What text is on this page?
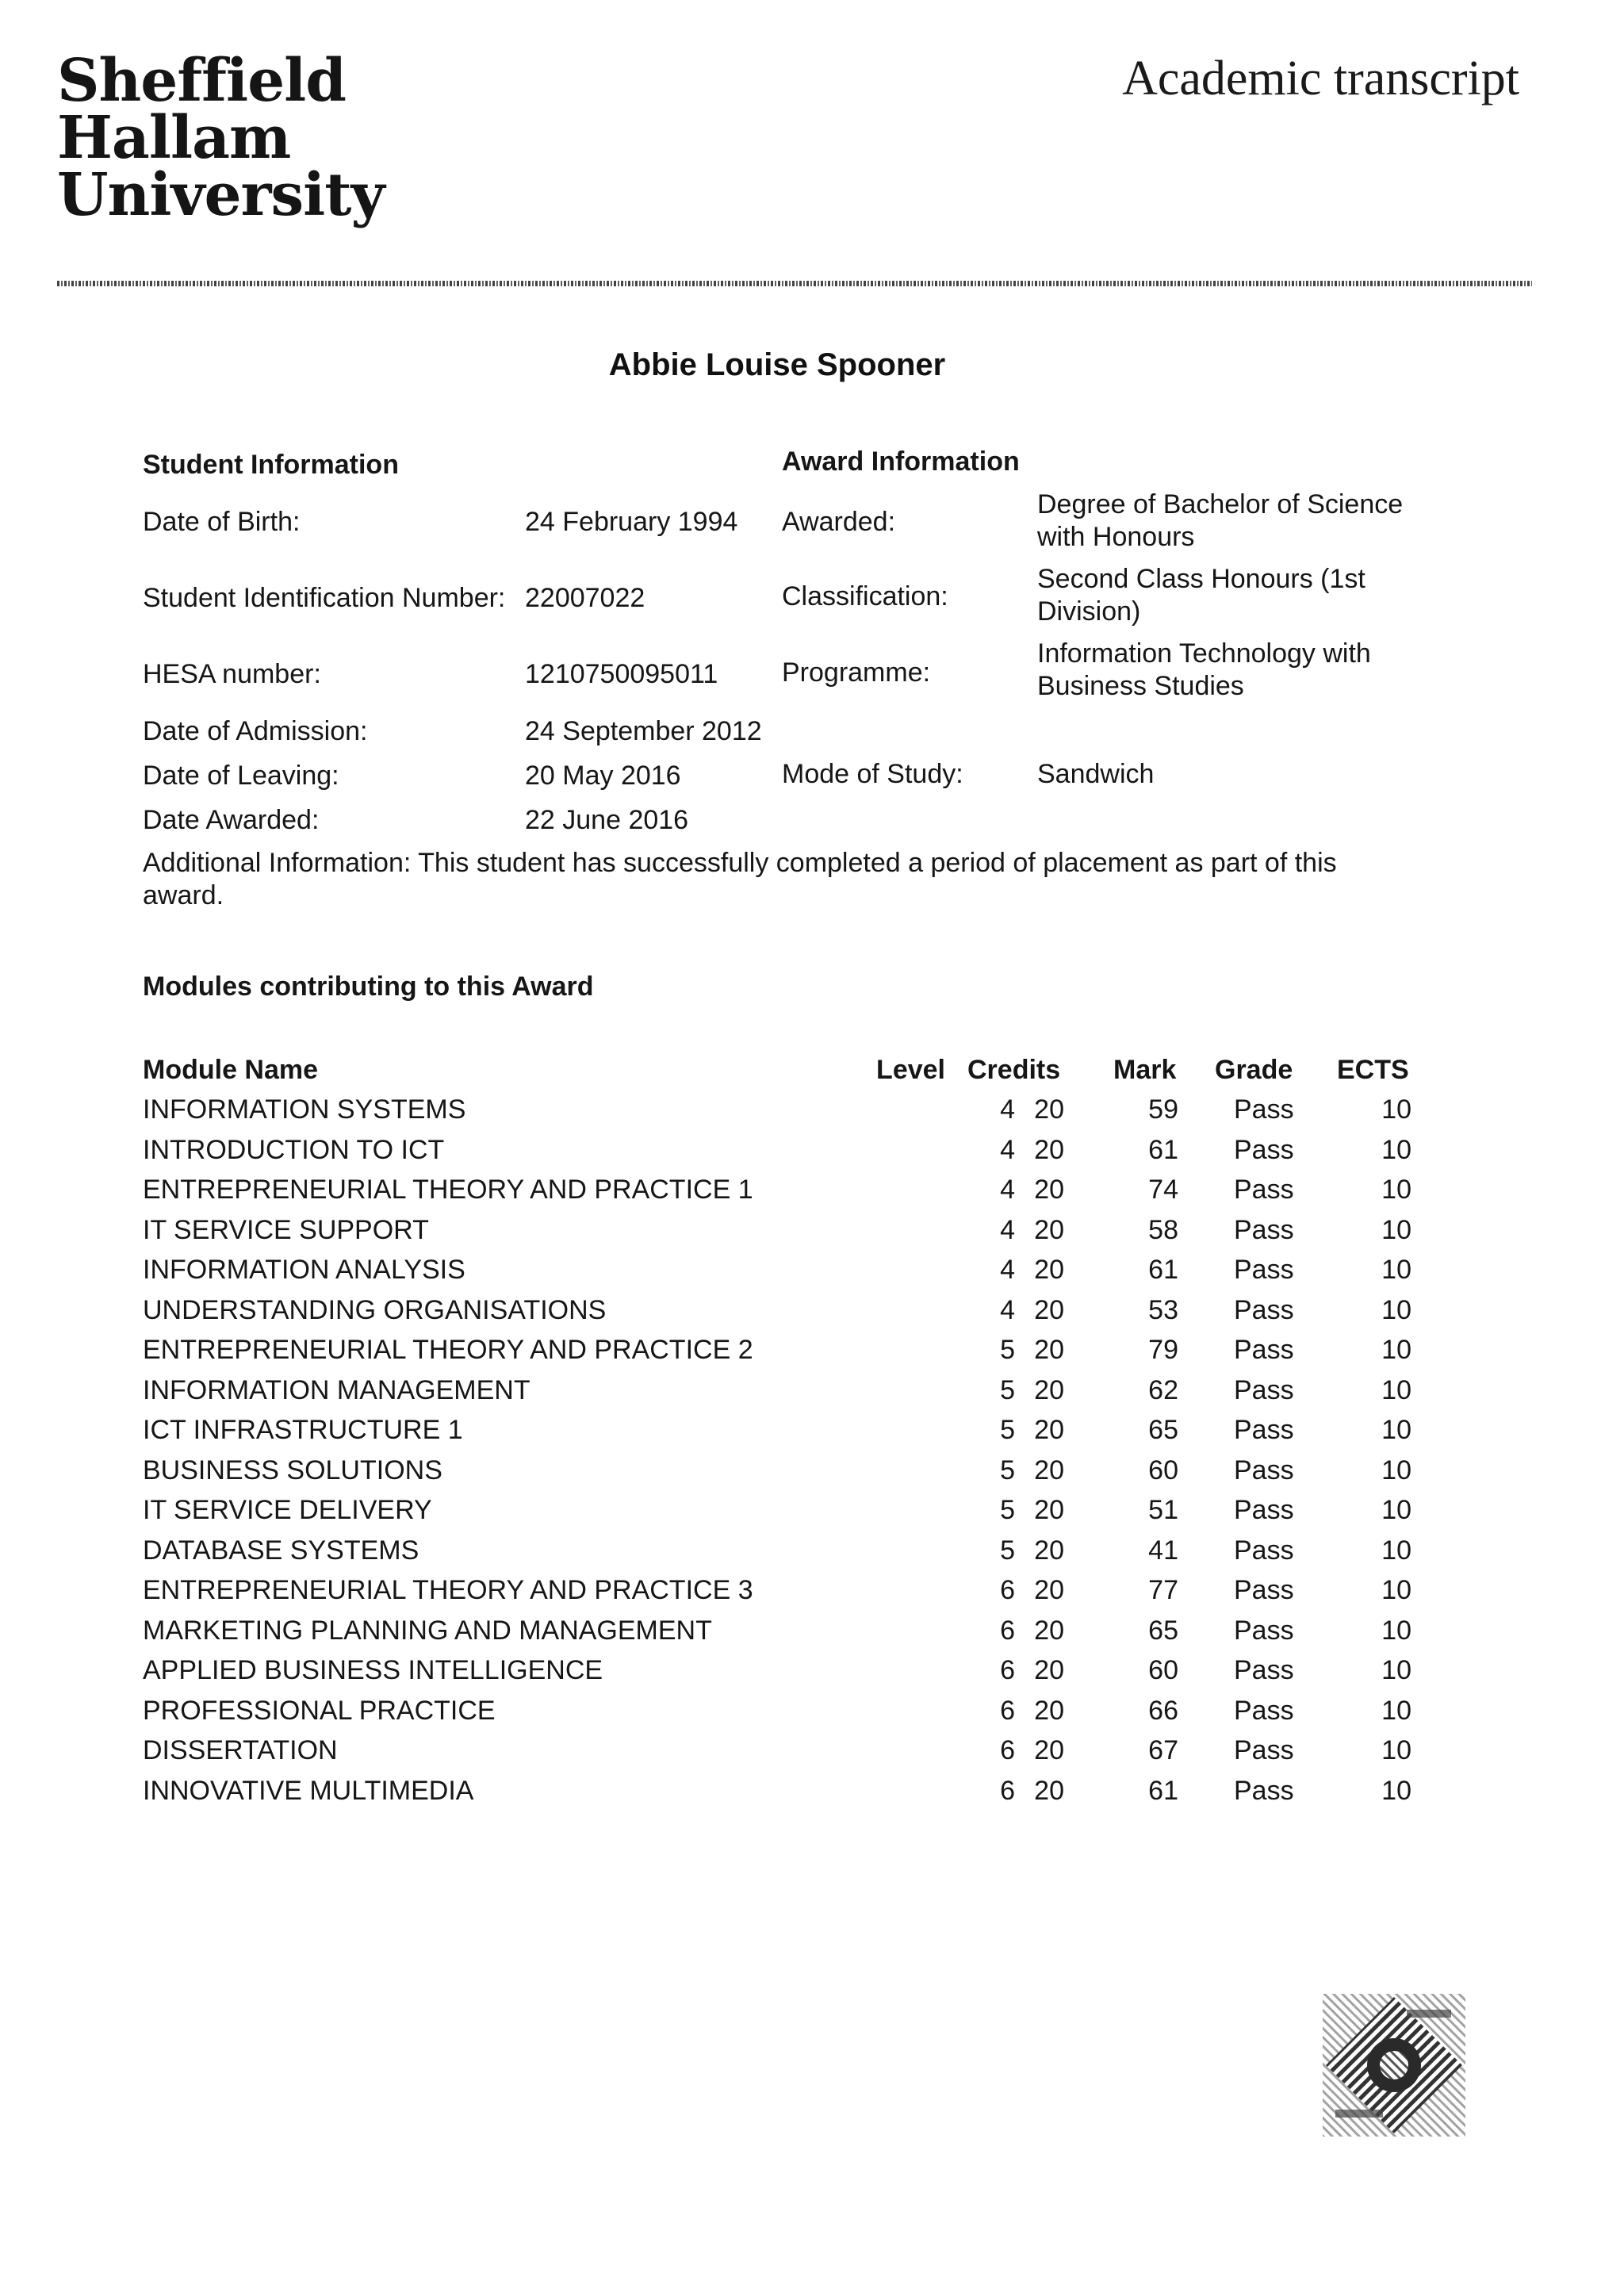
Sheffield
Hallam
University
Academic transcript
Abbie Louise Spooner
Student Information
Date of Birth:	24 February 1994
Student Identification Number: 22007022
HESA number:	1210750095011
Date of Admission:	24 September 2012
Date of Leaving:	20 May 2016
Date Awarded:	22 June 2016
Award Information
Awarded:
Degree of Bachelor of Science
with Honours
Classification:
Second Class Honours (1st
Division)
Programme:
Information Technology with
Business Studies
Mode of Study:	Sandwich
Additional Information: This student has successfully completed a period of placement as part of this award.
Modules contributing to this Award
Module Name	Level Credits Mark Grade ECTS
INFORMATION SYSTEMS	4 20	59 Pass	10
INTRODUCTION TO ICT	4 20	61 Pass	10
ENTREPRENEURIAL THEORY AND PRACTICE 1	4 20	74 Pass	10
IT SERVICE SUPPORT	4 20	58 Pass	10
INFORMATION ANALYSIS	4 20	61 Pass	10
UNDERSTANDING ORGANISATIONS	4 20	53 Pass	10
ENTREPRENEURIAL THEORY AND PRACTICE 2	5 20	79 Pass	10
INFORMATION MANAGEMENT	5 20	62 Pass	10
ICT INFRASTRUCTURE 1	5 20	65 Pass	10
BUSINESS SOLUTIONS	5 20	60 Pass	10
IT SERVICE DELIVERY	5 20	51 Pass	10
DATABASE SYSTEMS	5 20	41 Pass	10
ENTREPRENEURIAL THEORY AND PRACTICE 3	6 20	77 Pass	10
MARKETING PLANNING AND MANAGEMENT	6 20	65 Pass	10
APPLIED BUSINESS INTELLIGENCE	6 20	60 Pass	10
PROFESSIONAL PRACTICE	6 20	66 Pass	10
DISSERTATION	6 20	67 Pass	10
INNOVATIVE MULTIMEDIA	6 20	61 Pass	10
